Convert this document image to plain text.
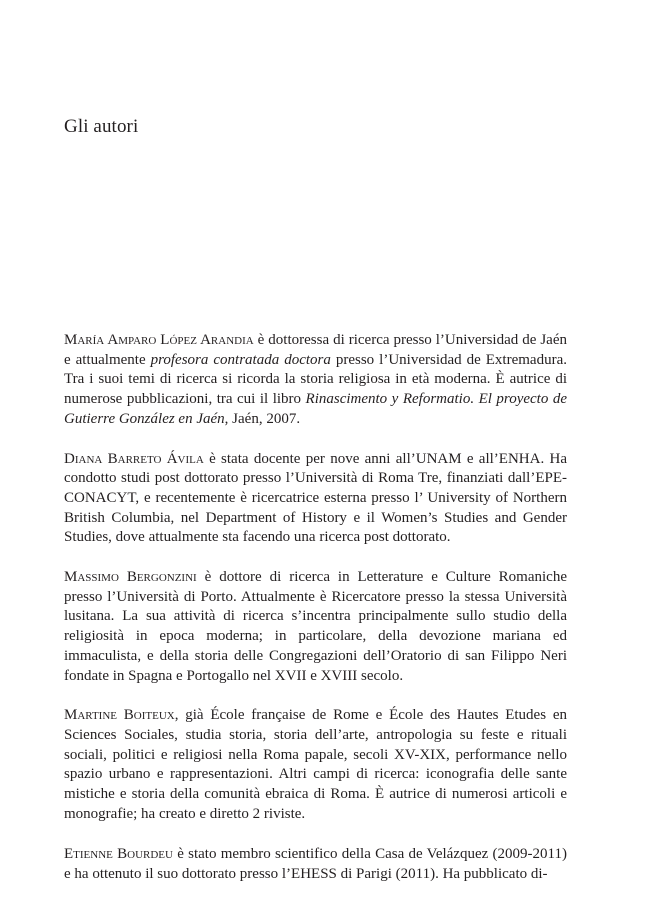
Gli autori

María Amparo López Arandia è dottoressa di ricerca presso l’Universidad de Jaén e attualmente profesora contratada doctora presso l’Universidad de Extremadura. Tra i suoi temi di ricerca si ricorda la storia religiosa in età moderna. È autrice di numerose pubblicazioni, tra cui il libro Rinascimento y Reformatio. El proyecto de Gutierre González en Jaén, Jaén, 2007.

Diana Barreto Ávila è stata docente per nove anni all’UNAM e all’ENHA. Ha condotto studi post dottorato presso l’Università di Roma Tre, finanziati dall’EPE-CONACYT, e recentemente è ricercatrice esterna presso l’ University of Northern British Columbia, nel Department of History e il Women’s Studies and Gender Studies, dove attualmente sta facendo una ricerca post dottorato.

Massimo Bergonzini è dottore di ricerca in Letterature e Culture Romaniche presso l’Università di Porto. Attualmente è Ricercatore presso la stessa Università lusitana. La sua attività di ricerca s’incentra principalmente sullo studio della religiosità in epoca moderna; in particolare, della devozione mariana ed immaculista, e della storia delle Congregazioni dell’Oratorio di san Filippo Neri fondate in Spagna e Portogallo nel XVII e XVIII secolo.

Martine Boiteux, già École française de Rome e École des Hautes Etudes en Sciences Sociales, studia storia, storia dell’arte, antropologia su feste e rituali sociali, politici e religiosi nella Roma papale, secoli XV-XIX, performance nello spazio urbano e rappresentazioni. Altri campi di ricerca: iconografia delle sante mistiche e storia della comunità ebraica di Roma. È autrice di numerosi articoli e monografie; ha creato e diretto 2 riviste.

Etienne Bourdeu è stato membro scientifico della Casa de Velázquez (2009-2011) e ha ottenuto il suo dottorato presso l’EHESS di Parigi (2011). Ha pubblicato di-
